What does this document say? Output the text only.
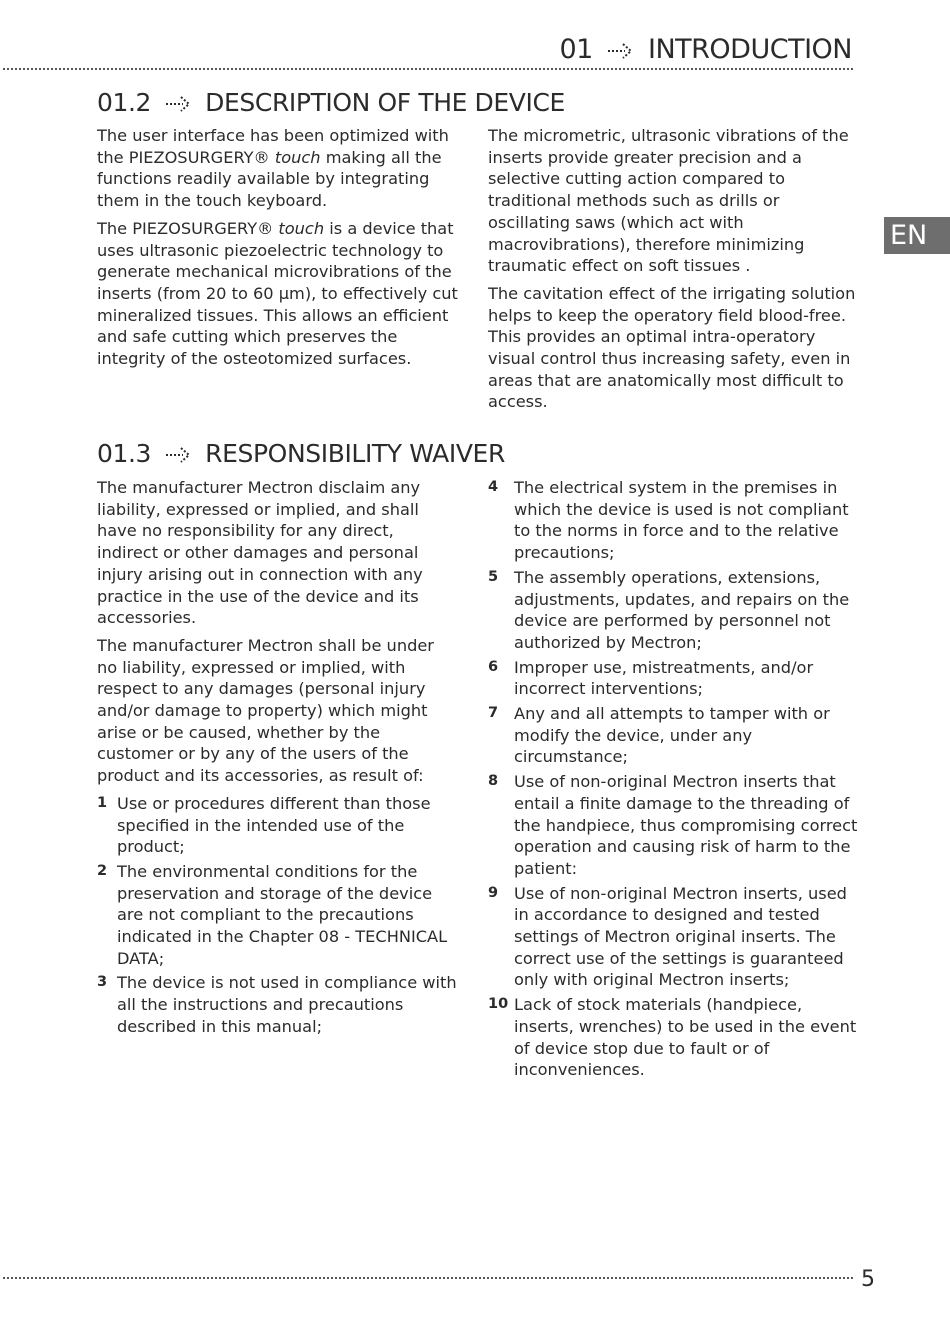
01 INTRODUCTION
EN
01.2 DESCRIPTION OF THE DEVICE

The user interface has been optimized with the PIEZOSURGERY® touch making all the functions readily available by integrating them in the touch keyboard.

The PIEZOSURGERY® touch is a device that uses ultrasonic piezoelectric technology to generate mechanical microvibrations of the inserts (from 20 to 60 µm), to effectively cut mineralized tissues. This allows an efficient and safe cutting which preserves the integrity of the osteotomized surfaces.

The micrometric, ultrasonic vibrations of the inserts provide greater precision and a selective cutting action compared to traditional methods such as drills or oscillating saws (which act with macrovibrations), therefore minimizing traumatic effect on soft tissues .

The cavitation effect of the irrigating solution helps to keep the operatory field blood-free. This provides an optimal intra-operatory visual control thus increasing safety, even in areas that are anatomically most difficult to access.

01.3 RESPONSIBILITY WAIVER

The manufacturer Mectron disclaim any liability, expressed or implied, and shall have no responsibility for any direct, indirect or other damages and personal injury arising out in connection with any practice in the use of the device and its accessories.

The manufacturer Mectron shall be under no liability, expressed or implied, with respect to any damages (personal injury and/or damage to property) which might arise or be caused, whether by the customer or by any of the users of the product and its accessories, as result of:

1 Use or procedures different than those specified in the intended use of the product;
2 The environmental conditions for the preservation and storage of the device are not compliant to the precautions indicated in the Chapter 08 - TECHNICAL DATA;
3 The device is not used in compliance with all the instructions and precautions described in this manual;
4 The electrical system in the premises in which the device is used is not compliant to the norms in force and to the relative precautions;
5 The assembly operations, extensions, adjustments, updates, and repairs on the device are performed by personnel not authorized by Mectron;
6 Improper use, mistreatments, and/or incorrect interventions;
7 Any and all attempts to tamper with or modify the device, under any circumstance;
8 Use of non-original Mectron inserts that entail a finite damage to the threading of the handpiece, thus compromising correct operation and causing risk of harm to the patient:
9 Use of non-original Mectron inserts, used in accordance to designed and tested settings of Mectron original inserts. The correct use of the settings is guaranteed only with original Mectron inserts;
10 Lack of stock materials (handpiece, inserts, wrenches) to be used in the event of device stop due to fault or of inconveniences.
5
